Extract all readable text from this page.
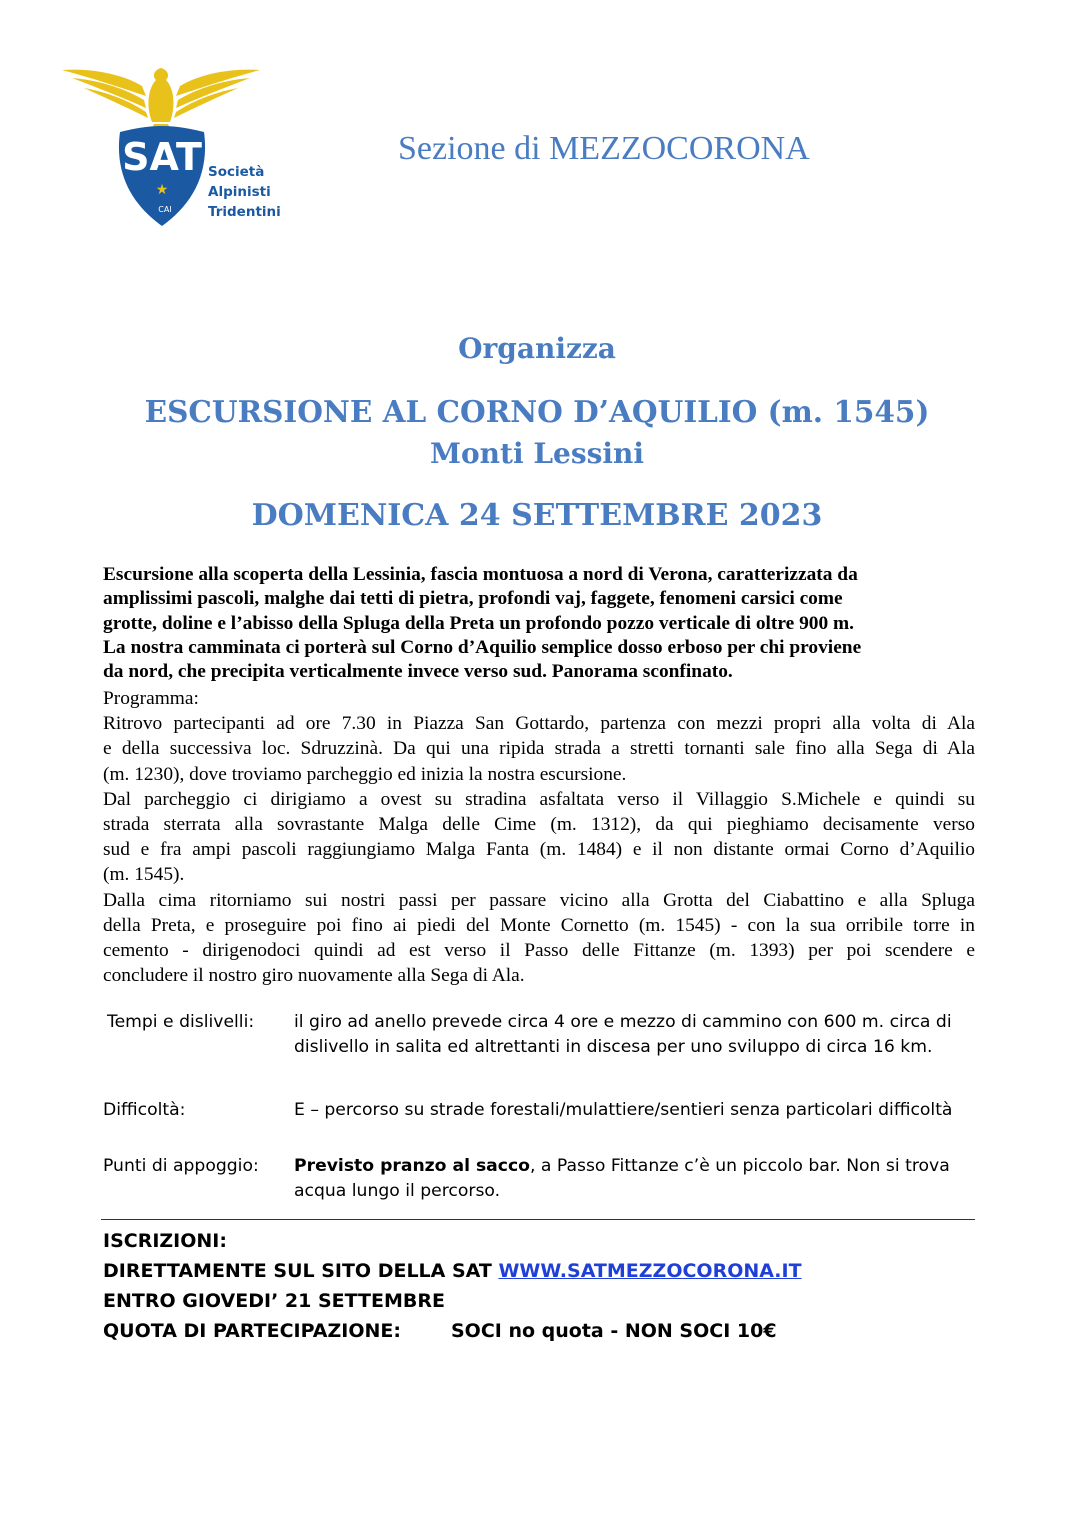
SAT
★
CAI
Società
Alpinisti
Tridentini
Sezione di MEZZOCORONA
Organizza
ESCURSIONE AL CORNO D’AQUILIO (m. 1545)
Monti Lessini
DOMENICA 24 SETTEMBRE 2023
Escursione alla scoperta della Lessinia, fascia montuosa a nord di Verona, caratterizzata da
amplissimi pascoli, malghe dai tetti di pietra, profondi vaj, faggete, fenomeni carsici come
grotte, doline e l’abisso della Spluga della Preta un profondo pozzo verticale di oltre 900 m.
La nostra camminata ci porterà sul Corno d’Aquilio semplice dosso erboso per chi proviene
da nord, che precipita verticalmente invece verso sud. Panorama sconfinato.
Programma:
Ritrovo partecipanti ad ore 7.30 in Piazza San Gottardo, partenza con mezzi propri alla volta di Ala
e della successiva loc. Sdruzzinà. Da qui una ripida strada a stretti tornanti sale fino alla Sega di Ala
(m. 1230), dove troviamo parcheggio ed inizia la nostra escursione.
Dal parcheggio ci dirigiamo a ovest su stradina asfaltata verso il Villaggio S.Michele e quindi su
strada sterrata alla sovrastante Malga delle Cime (m. 1312), da qui pieghiamo decisamente verso
sud e fra ampi pascoli raggiungiamo Malga Fanta (m. 1484) e il non distante ormai Corno d’Aquilio
(m. 1545).
Dalla cima ritorniamo sui nostri passi per passare vicino alla Grotta del Ciabattino e alla Spluga
della Preta, e proseguire poi fino ai piedi del Monte Cornetto (m. 1545) - con la sua orribile torre in
cemento - dirigenodoci quindi ad est verso il Passo delle Fittanze (m. 1393) per poi scendere e
concludere il nostro giro nuovamente alla Sega di Ala.
Tempi e dislivelli: il giro ad anello prevede circa 4 ore e mezzo di cammino con 600 m. circa di dislivello in salita ed altrettanti in discesa per uno sviluppo di circa 16 km.
Difficoltà:	E – percorso su strade forestali/mulattiere/sentieri senza particolari difficoltà
Punti di appoggio: Previsto pranzo al sacco, a Passo Fittanze c’è un piccolo bar. Non si trova acqua lungo il percorso.
ISCRIZIONI:
DIRETTAMENTE SUL SITO DELLA SAT WWW.SATMEZZOCORONA.IT
ENTRO GIOVEDI’ 21 SETTEMBRE
QUOTA DI PARTECIPAZIONE:	SOCI no quota - NON SOCI 10€
